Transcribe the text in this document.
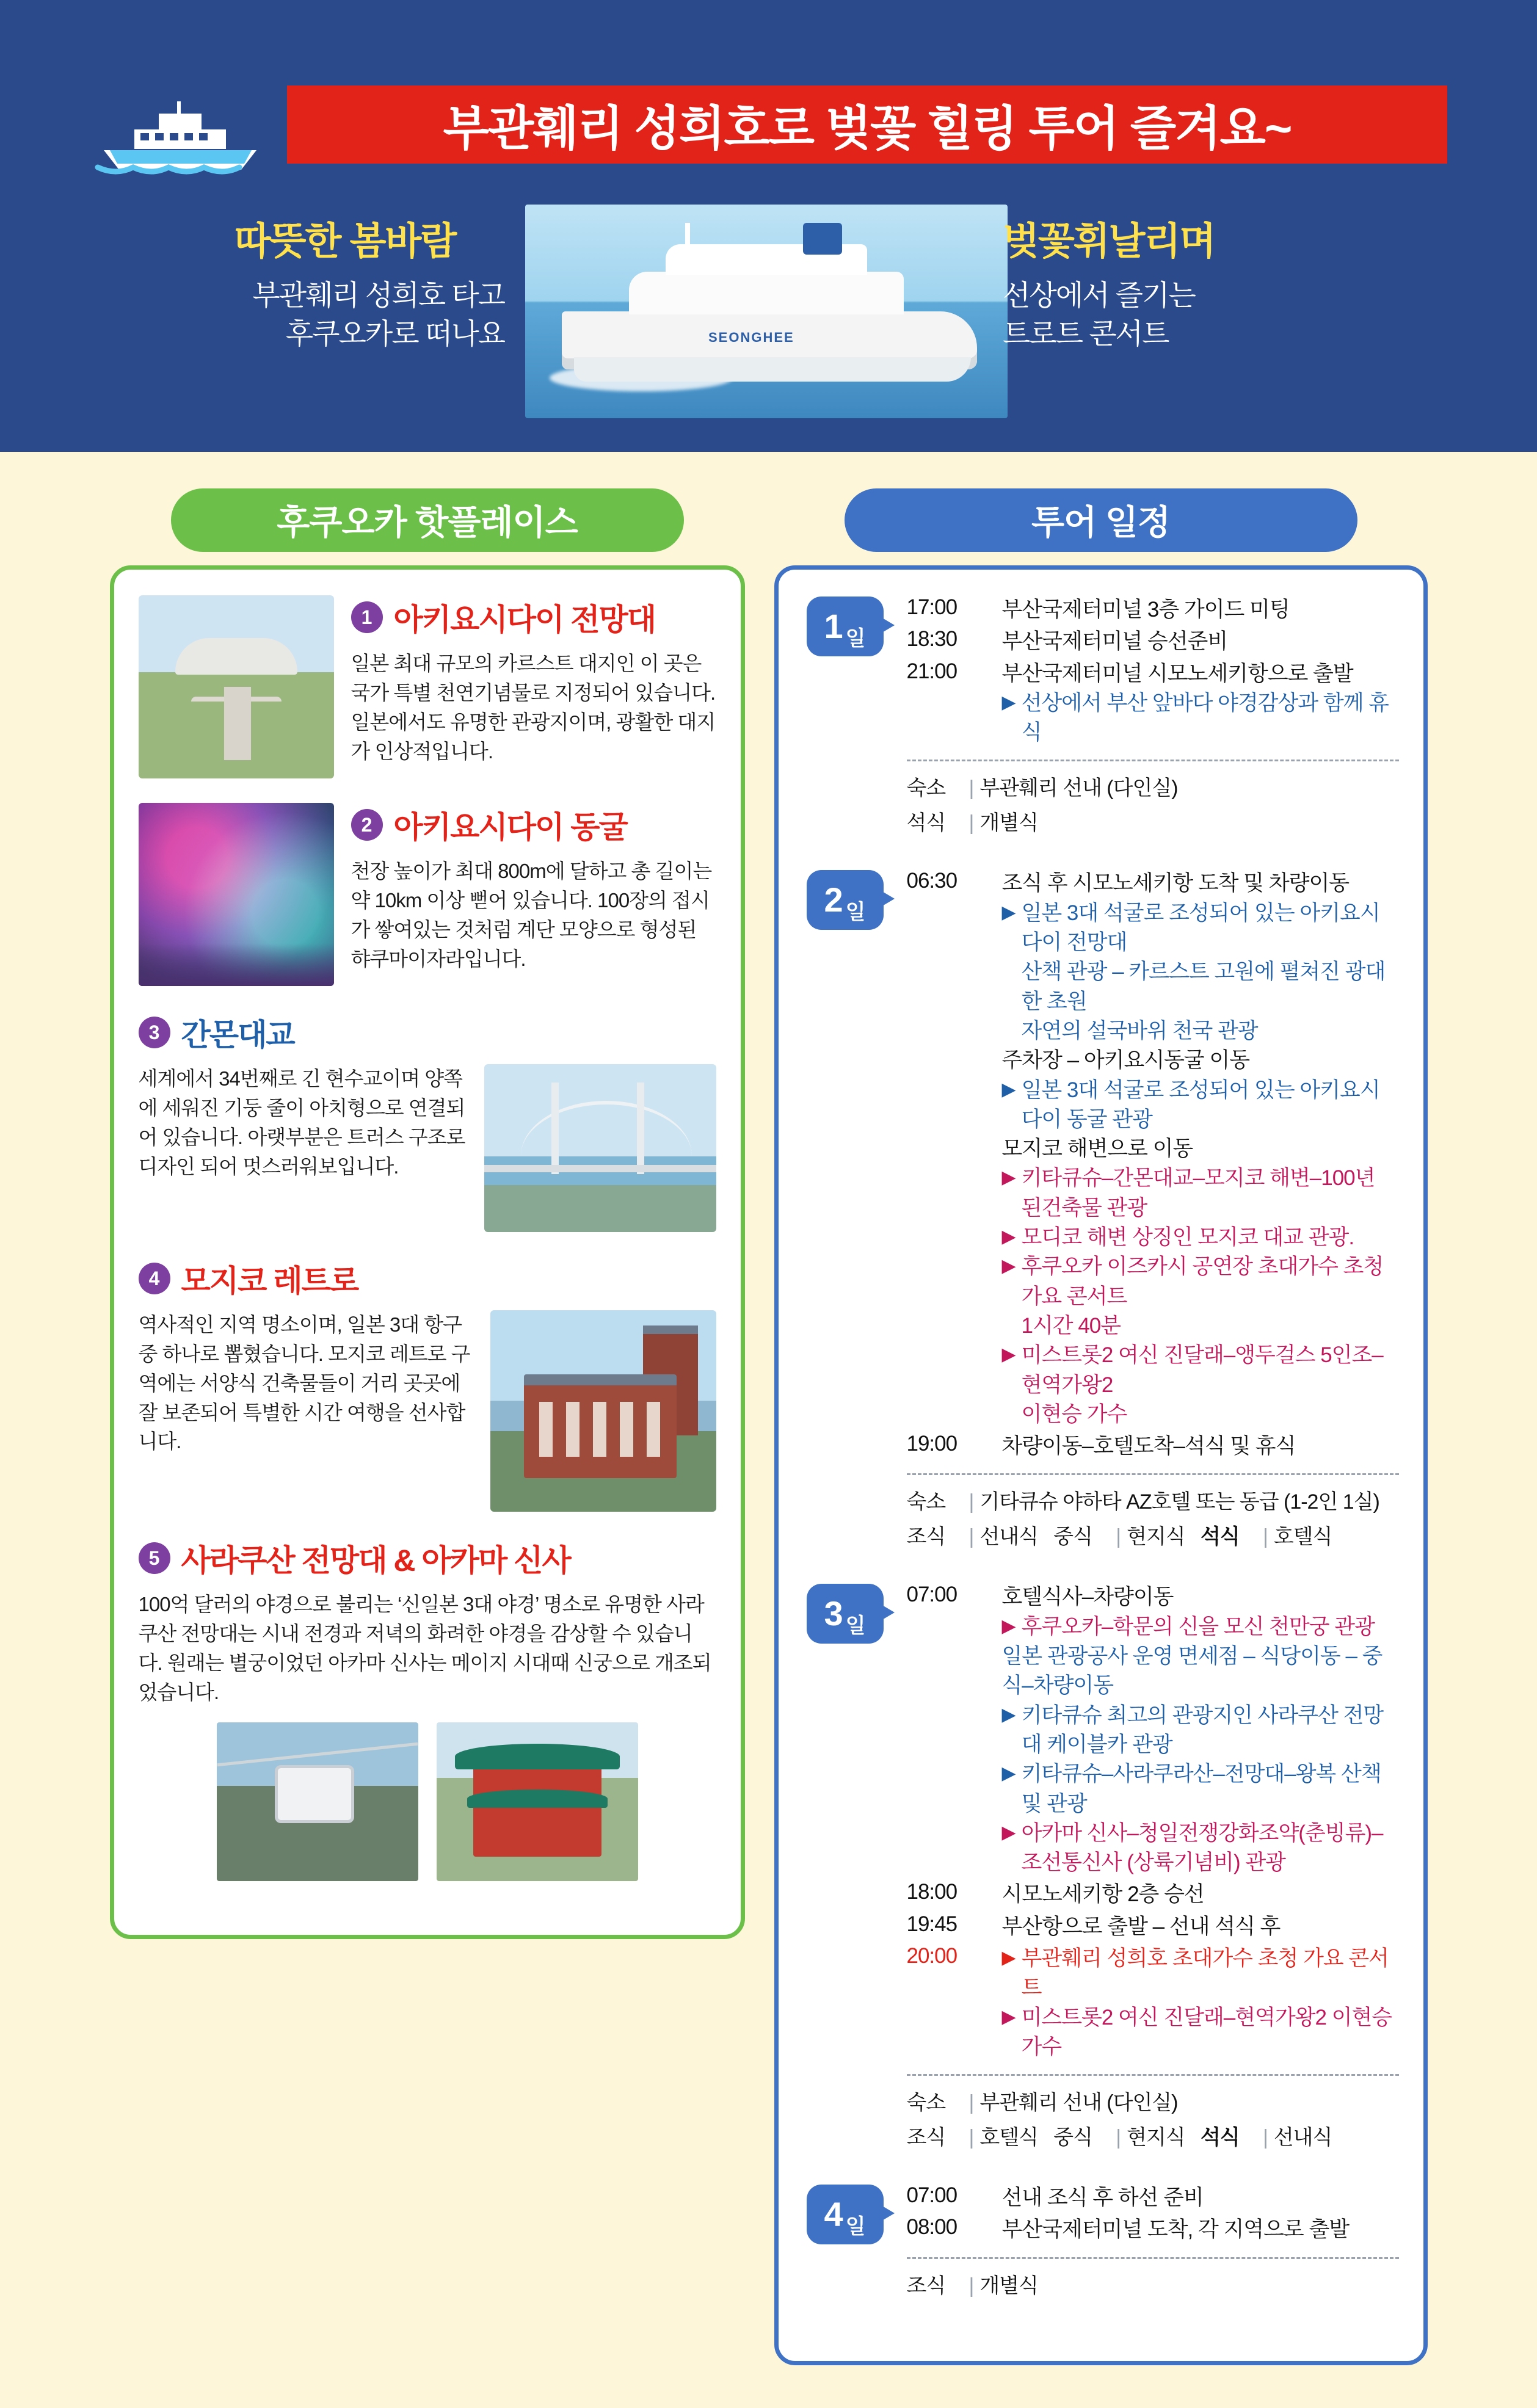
부관훼리 성희호로 벚꽃 힐링 투어 즐겨요~
따뜻한 봄바람
부관훼리 성희호 타고
후쿠오카로 떠나요	SEONGHEE
벚꽃휘날리며
선상에서 즐기는
트로트 콘서트
후쿠오카 핫플레이스
1 아키요시다이 전망대
일본 최대 규모의 카르스트 대지인 이 곳은 국가 특별 천연기념물로 지정되어 있습니다. 일본에서도 유명한 관광지이며, 광활한 대지가 인상적입니다.
2 아키요시다이 동굴
천장 높이가 최대 800m에 달하고 총 길이는 약 10km 이상 뻗어 있습니다. 100장의 접시가 쌓여있는 것처럼 계단 모양으로 형성된 햐쿠마이자라입니다.
3 간몬대교
세계에서 34번째로 긴 현수교이며 양쪽에 세워진 기둥 줄이 아치형으로 연결되어 있습니다. 아랫부분은 트러스 구조로 디자인 되어 멋스러워보입니다.
4 모지코 레트로
역사적인 지역 명소이며, 일본 3대 항구 중 하나로 뽑혔습니다. 모지코 레트로 구역에는 서양식 건축물들이 거리 곳곳에 잘 보존되어 특별한 시간 여행을 선사합니다.
5 사라쿠산 전망대 & 아카마 신사
100억 달러의 야경으로 불리는 ‘신일본 3대 야경’ 명소로 유명한 사라쿠산 전망대는 시내 전경과 저녁의 화려한 야경을 감상할 수 있습니다. 원래는 별궁이었던 아카마 신사는 메이지 시대때 신궁으로 개조되었습니다.
투어 일정
1 일
17:00	부산국제터미널 3층 가이드 미팅
18:30	부산국제터미널 승선준비
21:00	부산국제터미널 시모노세키항으로 출발
▶ 선상에서 부산 앞바다 야경감상과 함께 휴식
숙소 | 부관훼리 선내 (다인실)
석식 | 개별식
2 일
06:30	조식 후 시모노세키항 도착 및 차량이동
▶ 일본 3대 석굴로 조성되어 있는 아키요시다이 전망대

산책 관광 – 카르스트 고원에 펼쳐진 광대한 초원

자연의 설국바위 천국 관광
주차장 – 아키요시동굴 이동
▶ 일본 3대 석굴로 조성되어 있는 아키요시다이 동굴 관광
모지코 해변으로 이동
▶ 키타큐슈–간몬대교–모지코 해변–100년 된건축물 관광
▶ 모디코 해변 상징인 모지코 대교 관광.
▶ 후쿠오카 이즈카시 공연장 초대가수 초청 가요 콘서트

1시간 40분
▶ 미스트롯2 여신 진달래–앵두걸스 5인조–현역가왕2

이현승 가수
19:00	차량이동–호텔도착–석식 및 휴식
숙소 | 기타큐슈 야하타 AZ호텔 또는 동급 (1-2인 1실)
조식 | 선내식 중식 | 현지식 석식 | 호텔식
3 일
07:00	호텔식사–차량이동
▶ 후쿠오카–학문의 신을 모신 천만궁 관광
일본 관광공사 운영 면세점 – 식당이동 – 중식–차량이동
▶ 키타큐슈 최고의 관광지인 사라쿠산 전망대 케이블카 관광
▶ 키타큐슈–사라쿠라산–전망대–왕복 산책 및 관광
▶ 아카마 신사–청일전쟁강화조약(춘빙류)–

조선통신사 (상륙기념비) 관광
18:00	시모노세키항 2층 승선
19:45	부산항으로 출발 – 선내 석식 후
20:00	▶ 부관훼리 성희호 초대가수 초청 가요 콘서트
▶ 미스트롯2 여신 진달래–현역가왕2 이현승 가수
숙소 | 부관훼리 선내 (다인실)
조식 | 호텔식 중식 | 현지식 석식 | 선내식
4 일
07:00	선내 조식 후 하선 준비
08:00	부산국제터미널 도착, 각 지역으로 출발
조식 | 개별식
